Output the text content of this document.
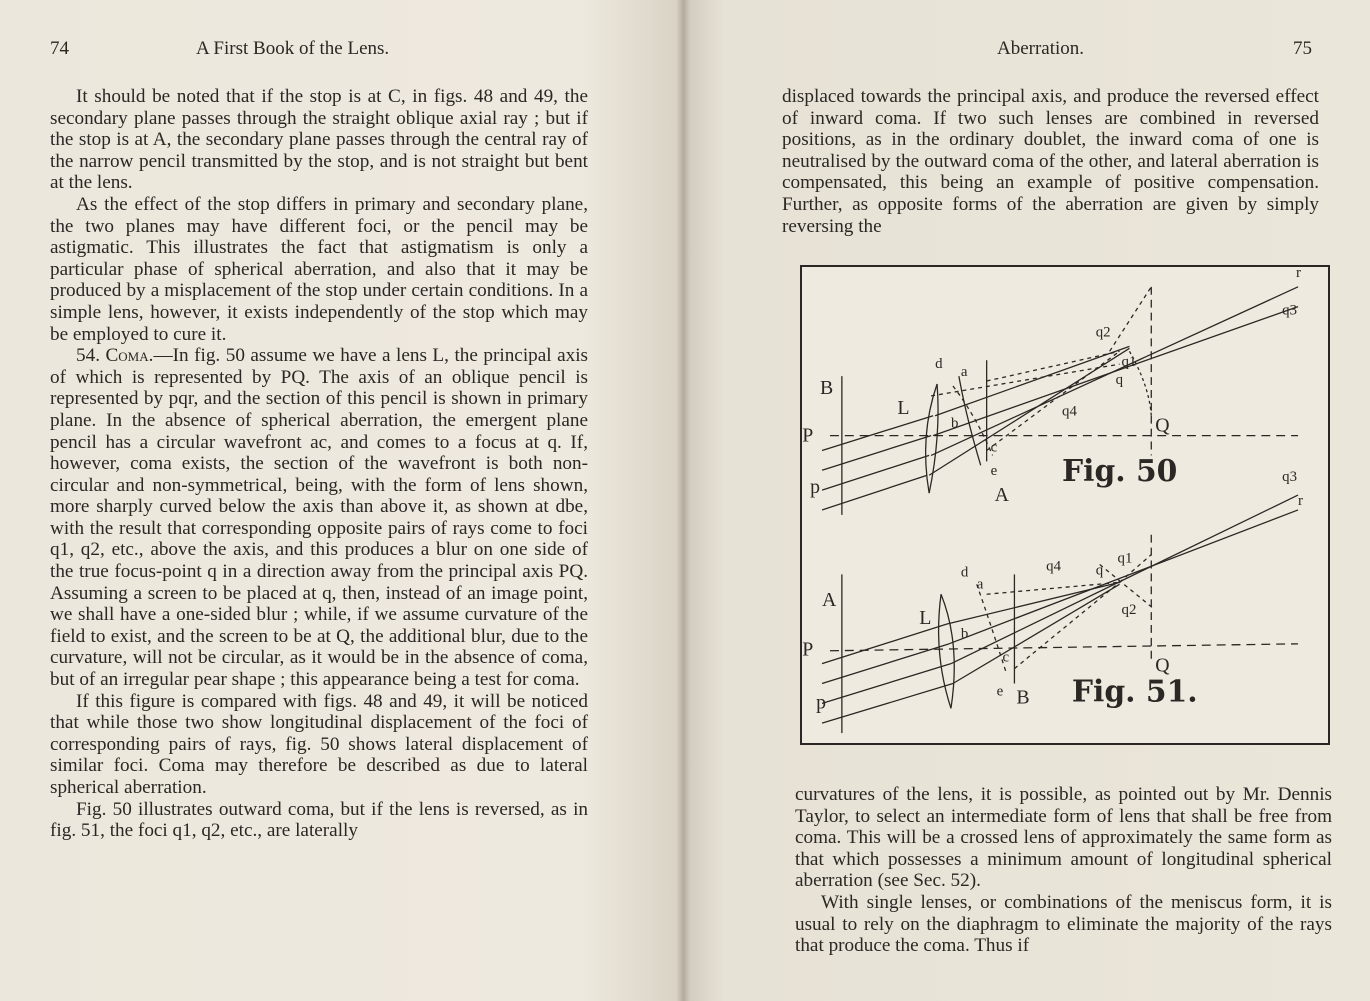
74	A First Book of the Lens.

It should be noted that if the stop is at C, in figs. 48 and 49, the secondary plane passes through the straight oblique axial ray ; but if the stop is at A, the secondary plane passes through the central ray of the narrow pencil transmitted by the stop, and is not straight but bent at the lens.

As the effect of the stop differs in primary and secondary plane, the two planes may have different foci, or the pencil may be astigmatic. This illustrates the fact that astigmatism is only a particular phase of spherical aberration, and also that it may be produced by a misplacement of the stop under certain conditions. In a simple lens, however, it exists independently of the stop which may be employed to cure it.

54. Coma.—In fig. 50 assume we have a lens L, the principal axis of which is represented by PQ. The axis of an oblique pencil is represented by pqr, and the section of this pencil is shown in primary plane. In the absence of spherical aberration, the emergent plane pencil has a circular wavefront ac, and comes to a focus at q. If, however, coma exists, the section of the wavefront is both non-circular and non-symmetrical, being, with the form of lens shown, more sharply curved below the axis than above it, as shown at dbe, with the result that corresponding opposite pairs of rays come to foci q1, q2, etc., above the axis, and this produces a blur on one side of the true focus-point q in a direction away from the principal axis PQ. Assuming a screen to be placed at q, then, instead of an image point, we shall have a one-sided blur ; while, if we assume curvature of the field to exist, and the screen to be at Q, the additional blur, due to the curvature, will not be circular, as it would be in the absence of coma, but of an irregular pear shape ; this appearance being a test for coma.

If this figure is compared with figs. 48 and 49, it will be noticed that while those two show longitudinal displacement of the foci of corresponding pairs of rays, fig. 50 shows lateral displacement of similar foci. Coma may therefore be described as due to lateral spherical aberration.

Fig. 50 illustrates outward coma, but if the lens is reversed, as in fig. 51, the foci q1, q2, etc., are laterally

Aberration.	75

displaced towards the principal axis, and produce the reversed effect of inward coma. If two such lenses are combined in reversed positions, as in the ordinary doublet, the inward coma of one is neutralised by the outward coma of the other, and lateral aberration is compensated, this being an example of positive compensation. Further, as opposite forms of the aberration are given by simply reversing the

B
L
P
p
d a
b
c
e
A
Q
q
q1
q2
q3
q4
r
Fig. 50
A
L
P
p
d
a
b
c
e B
Q
q
q1
q2
q3
q4
r
Fig. 51.

curvatures of the lens, it is possible, as pointed out by Mr. Dennis Taylor, to select an intermediate form of lens that shall be free from coma. This will be a crossed lens of approximately the same form as that which possesses a minimum amount of longitudinal spherical aberration (see Sec. 52).

With single lenses, or combinations of the meniscus form, it is usual to rely on the diaphragm to eliminate the majority of the rays that produce the coma. Thus if
